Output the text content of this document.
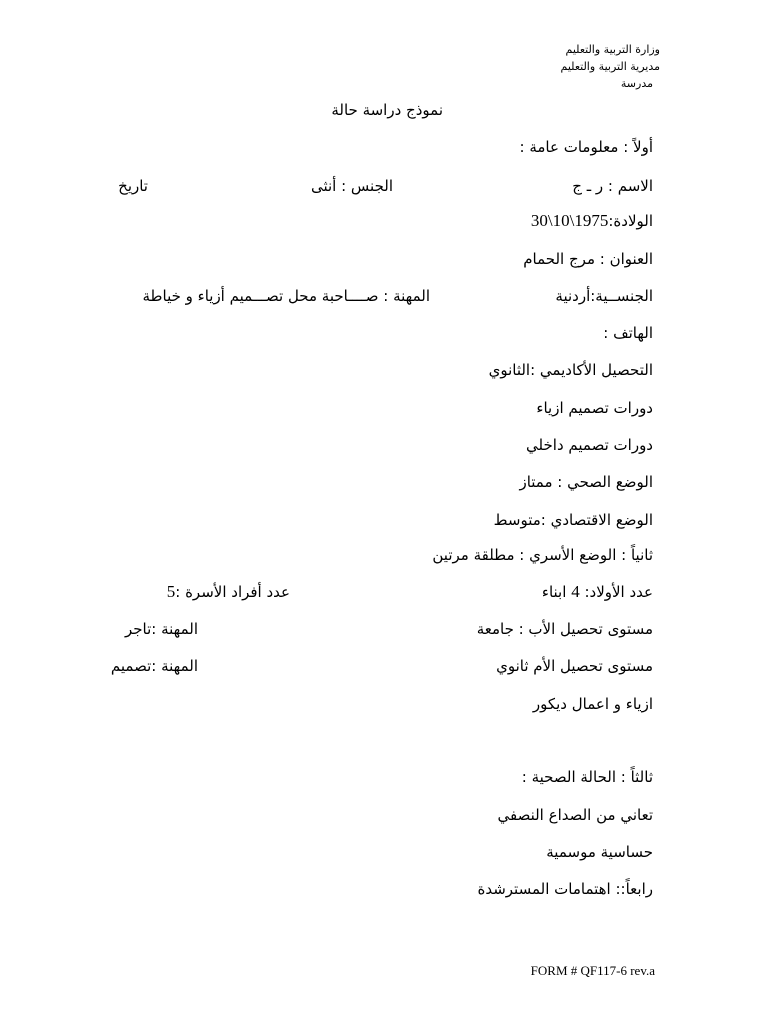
وزارة التربية والتعليم
مديرية التربية والتعليم
مدرسة
نموذج دراسة حالة
أولاً : معلومات عامة :
الاسم : ر ـ ج
الجنس : أنثى
تاريخ
الولادة:30\10\1975
العنوان : مرج الحمام
الجنســية:أردنية
المهنة : صــــاحبة محل تصـــميم أزياء و خياطة
الهاتف :
التحصيل الأكاديمي :الثانوي
دورات تصميم ازياء
دورات تصميم داخلي
الوضع الصحي : ممتاز
الوضع الاقتصادي :متوسط
ثانياً : الوضع الأسري : مطلقة مرتين
عدد الأولاد: 4 ابناء
عدد أفراد الأسرة :5
مستوى تحصيل الأب : جامعة
المهنة :تاجر
مستوى تحصيل الأم ثانوي
المهنة :تصميم
ازياء و اعمال ديكور
ثالثاً : الحالة الصحية :
تعاني من الصداع النصفي
حساسية موسمية
رابعاً:: اهتمامات المسترشدة
FORM # QF117-6 rev.a
